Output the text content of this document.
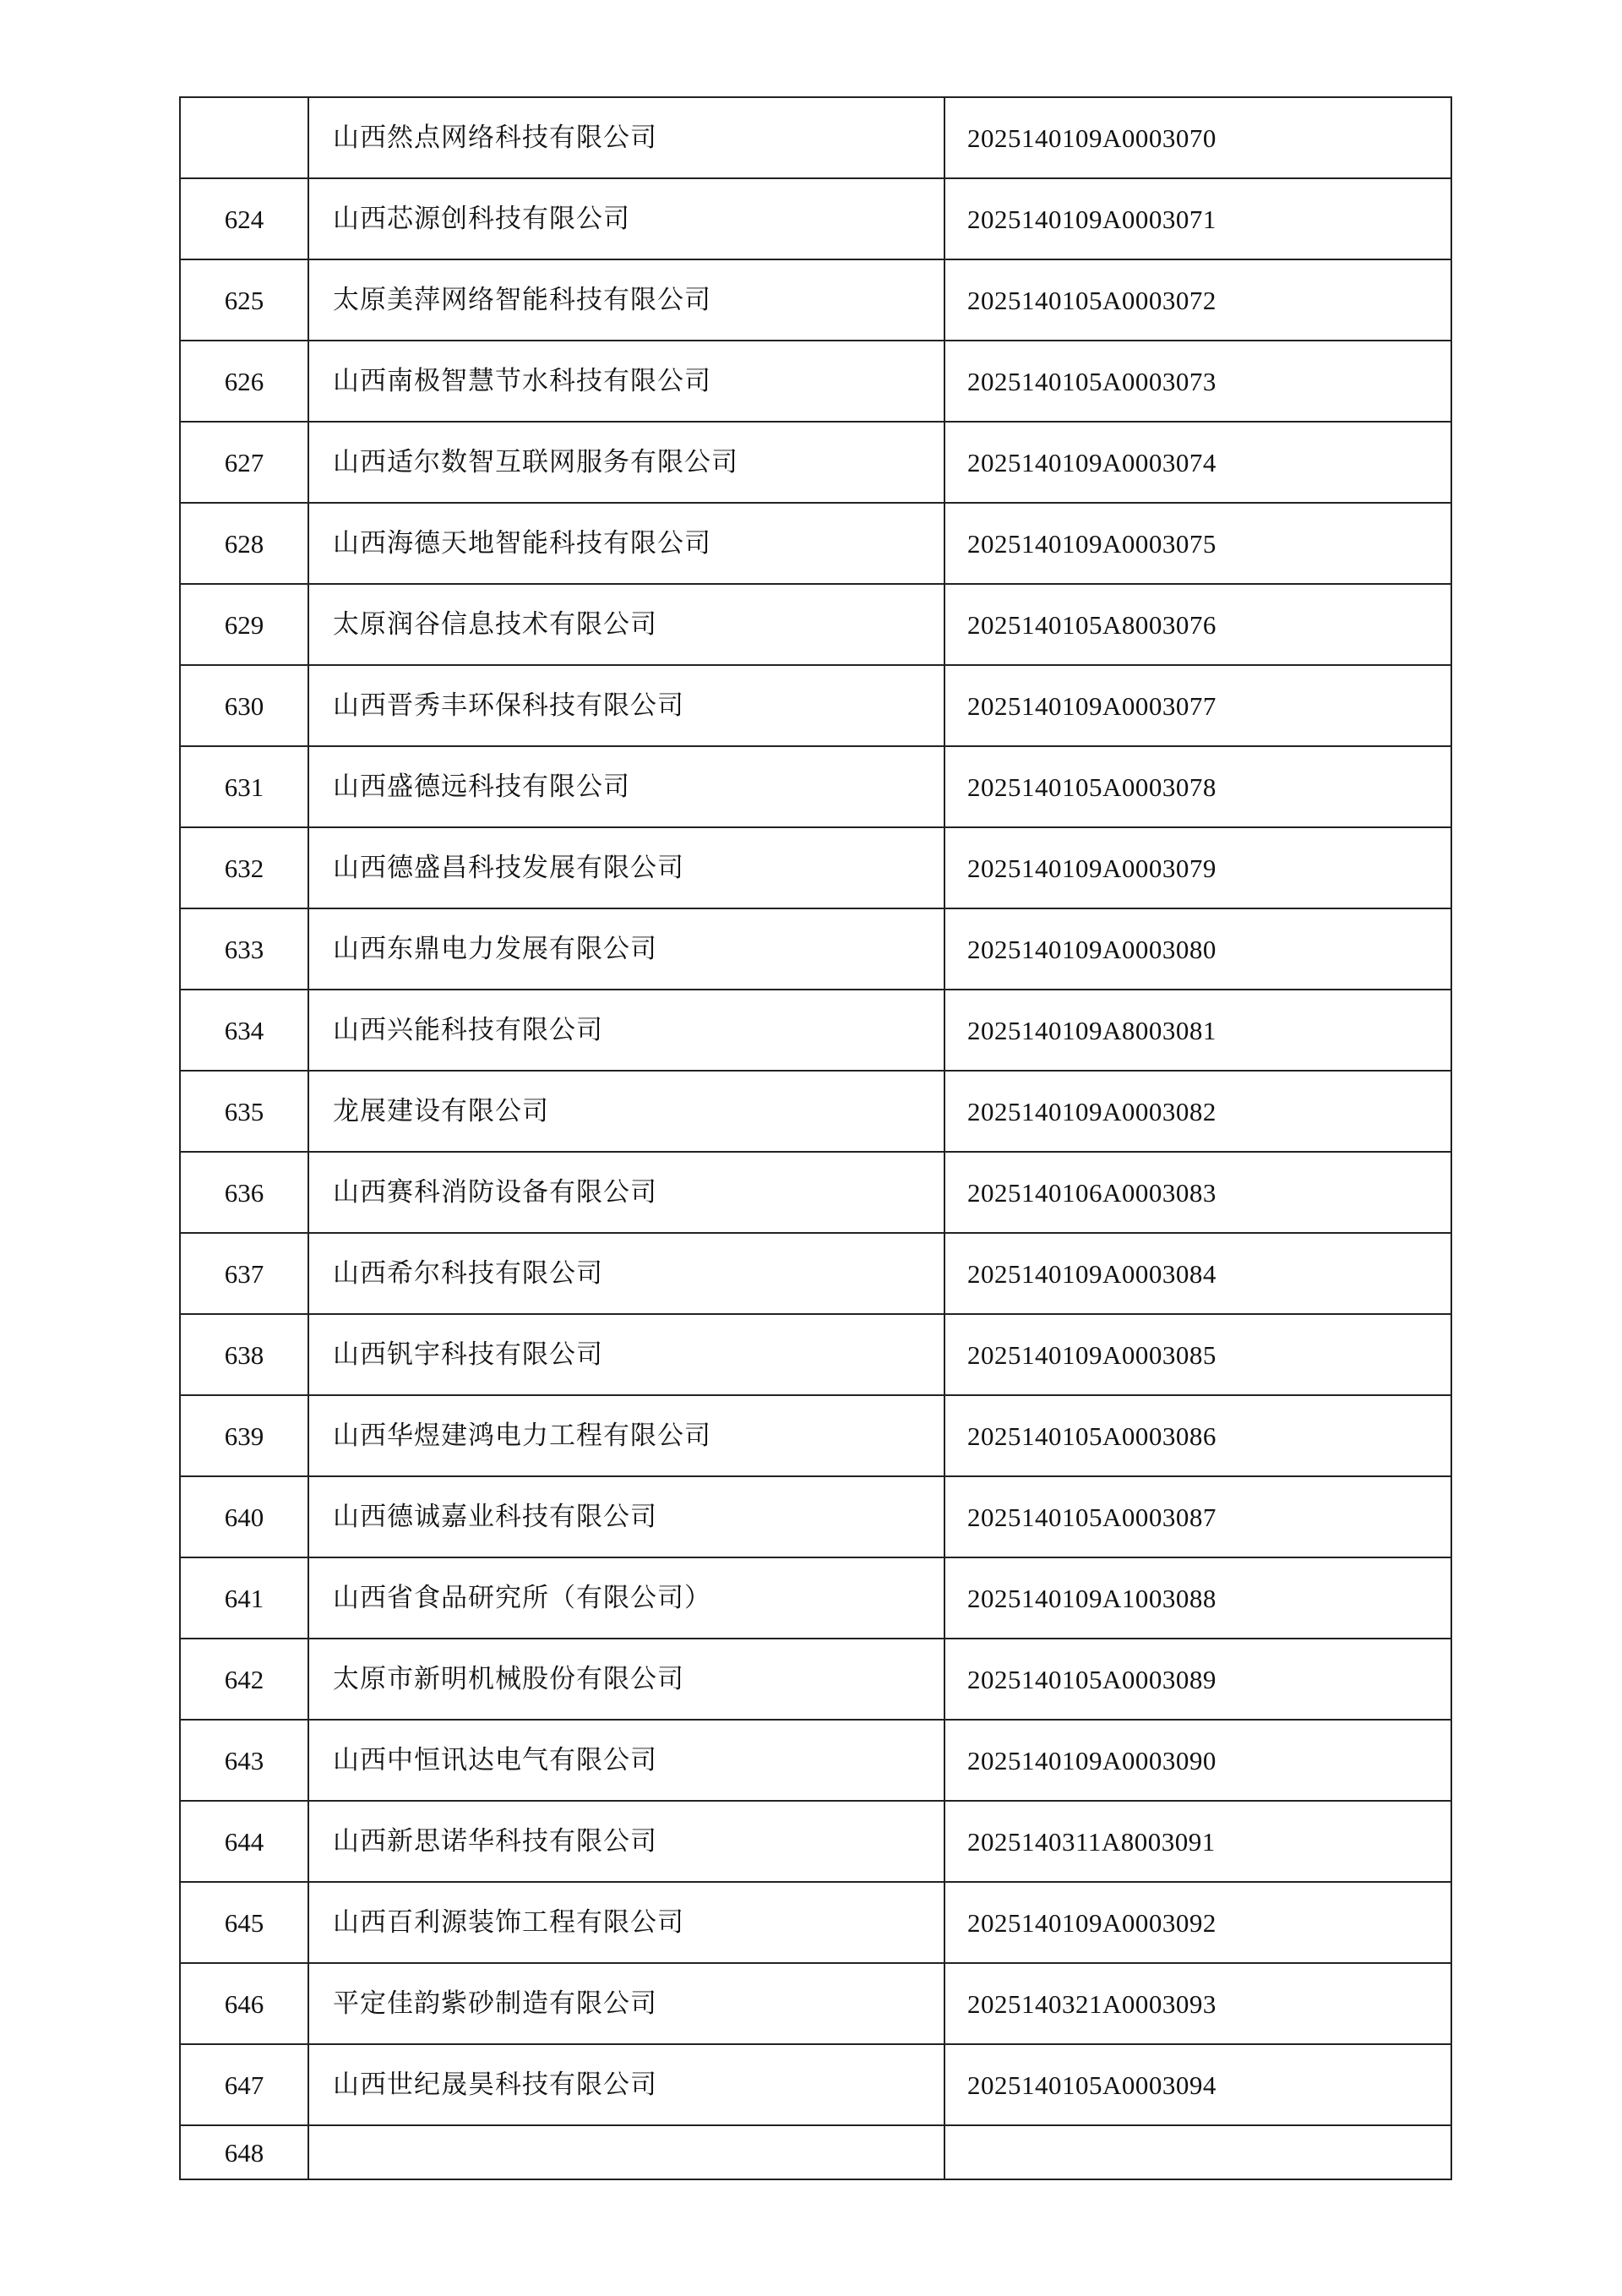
	山西然点网络科技有限公司	2025140109A0003070
624	山西芯源创科技有限公司	2025140109A0003071
625	太原美萍网络智能科技有限公司	2025140105A0003072
626	山西南极智慧节水科技有限公司	2025140105A0003073
627	山西适尔数智互联网服务有限公司	2025140109A0003074
628	山西海德天地智能科技有限公司	2025140109A0003075
629	太原润谷信息技术有限公司	2025140105A8003076
630	山西晋秀丰环保科技有限公司	2025140109A0003077
631	山西盛德远科技有限公司	2025140105A0003078
632	山西德盛昌科技发展有限公司	2025140109A0003079
633	山西东鼎电力发展有限公司	2025140109A0003080
634	山西兴能科技有限公司	2025140109A8003081
635	龙展建设有限公司	2025140109A0003082
636	山西赛科消防设备有限公司	2025140106A0003083
637	山西希尔科技有限公司	2025140109A0003084
638	山西钒宇科技有限公司	2025140109A0003085
639	山西华煜建鸿电力工程有限公司	2025140105A0003086
640	山西德诚嘉业科技有限公司	2025140105A0003087
641	山西省食品研究所（有限公司）	2025140109A1003088
642	太原市新明机械股份有限公司	2025140105A0003089
643	山西中恒讯达电气有限公司	2025140109A0003090
644	山西新思诺华科技有限公司	2025140311A8003091
645	山西百利源装饰工程有限公司	2025140109A0003092
646	平定佳韵紫砂制造有限公司	2025140321A0003093
647	山西世纪晟昊科技有限公司	2025140105A0003094
648		
